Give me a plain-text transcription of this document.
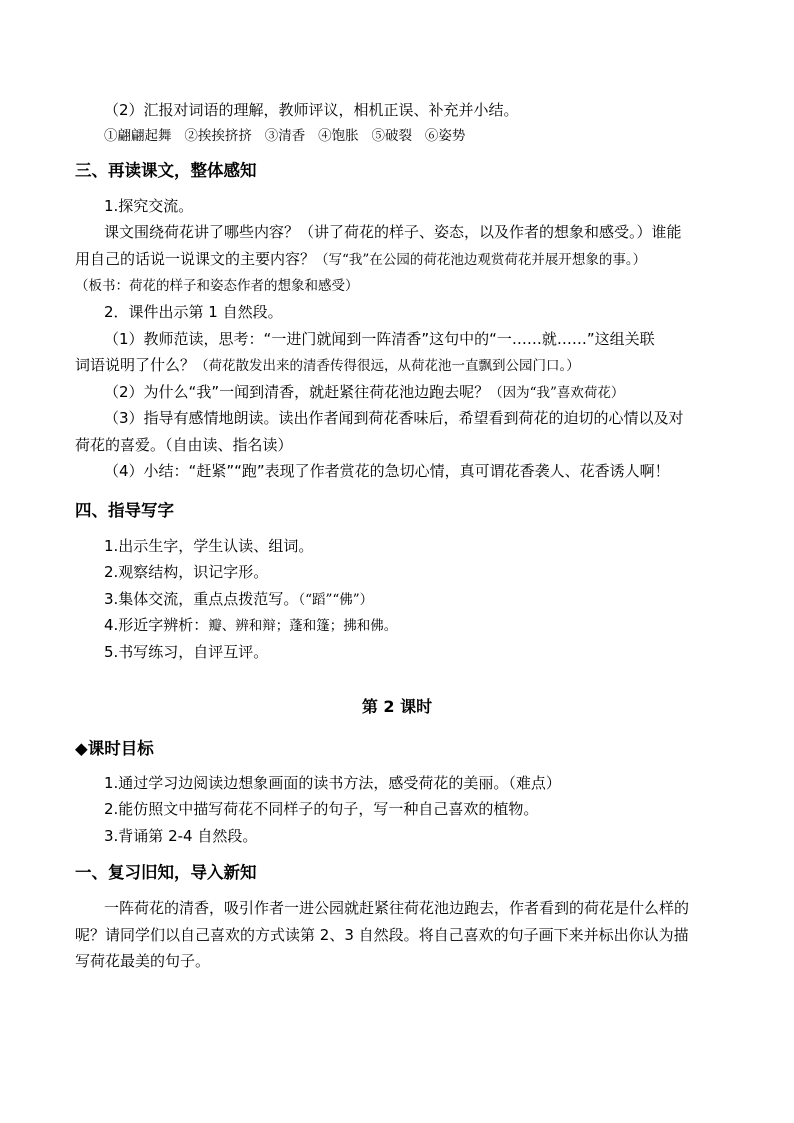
（2）汇报对词语的理解，教师评议，相机正误、补充并小结。
①翩翩起舞 ②挨挨挤挤 ③清香 ④饱胀 ⑤破裂 ⑥姿势
三、再读课文，整体感知
1.探究交流。
课文围绕荷花讲了哪些内容？（讲了荷花的样子、姿态，以及作者的想象和感受。）谁能
用自己的话说一说课文的主要内容？（写“我”在公园的荷花池边观赏荷花并展开想象的事。）
（板书：荷花的样子和姿态作者的想象和感受）
2．课件出示第 1 自然段。
（1）教师范读，思考：“一进门就闻到一阵清香”这句中的“一……就……”这组关联
词语说明了什么？（荷花散发出来的清香传得很远，从荷花池一直飘到公园门口。）
（2）为什么“我”一闻到清香，就赶紧往荷花池边跑去呢？（因为“我”喜欢荷花）
（3）指导有感情地朗读。读出作者闻到荷花香味后，希望看到荷花的迫切的心情以及对
荷花的喜爱。（自由读、指名读）
（4）小结：“赶紧”“跑”表现了作者赏花的急切心情，真可谓花香袭人、花香诱人啊！
四、指导写字
1.出示生字，学生认读、组词。
2.观察结构，识记字形。
3.集体交流，重点点拨范写。（“蹈”“佛”）
4.形近字辨析：瓣、辨和辩；蓬和篷；拂和佛。
5.书写练习，自评互评。
第 2 课时
◆课时目标
1.通过学习边阅读边想象画面的读书方法，感受荷花的美丽。（难点）
2.能仿照文中描写荷花不同样子的句子，写一种自己喜欢的植物。
3.背诵第 2-4 自然段。
一、复习旧知，导入新知
一阵荷花的清香，吸引作者一进公园就赶紧往荷花池边跑去，作者看到的荷花是什么样的
呢？请同学们以自己喜欢的方式读第 2、3 自然段。将自己喜欢的句子画下来并标出你认为描
写荷花最美的句子。
